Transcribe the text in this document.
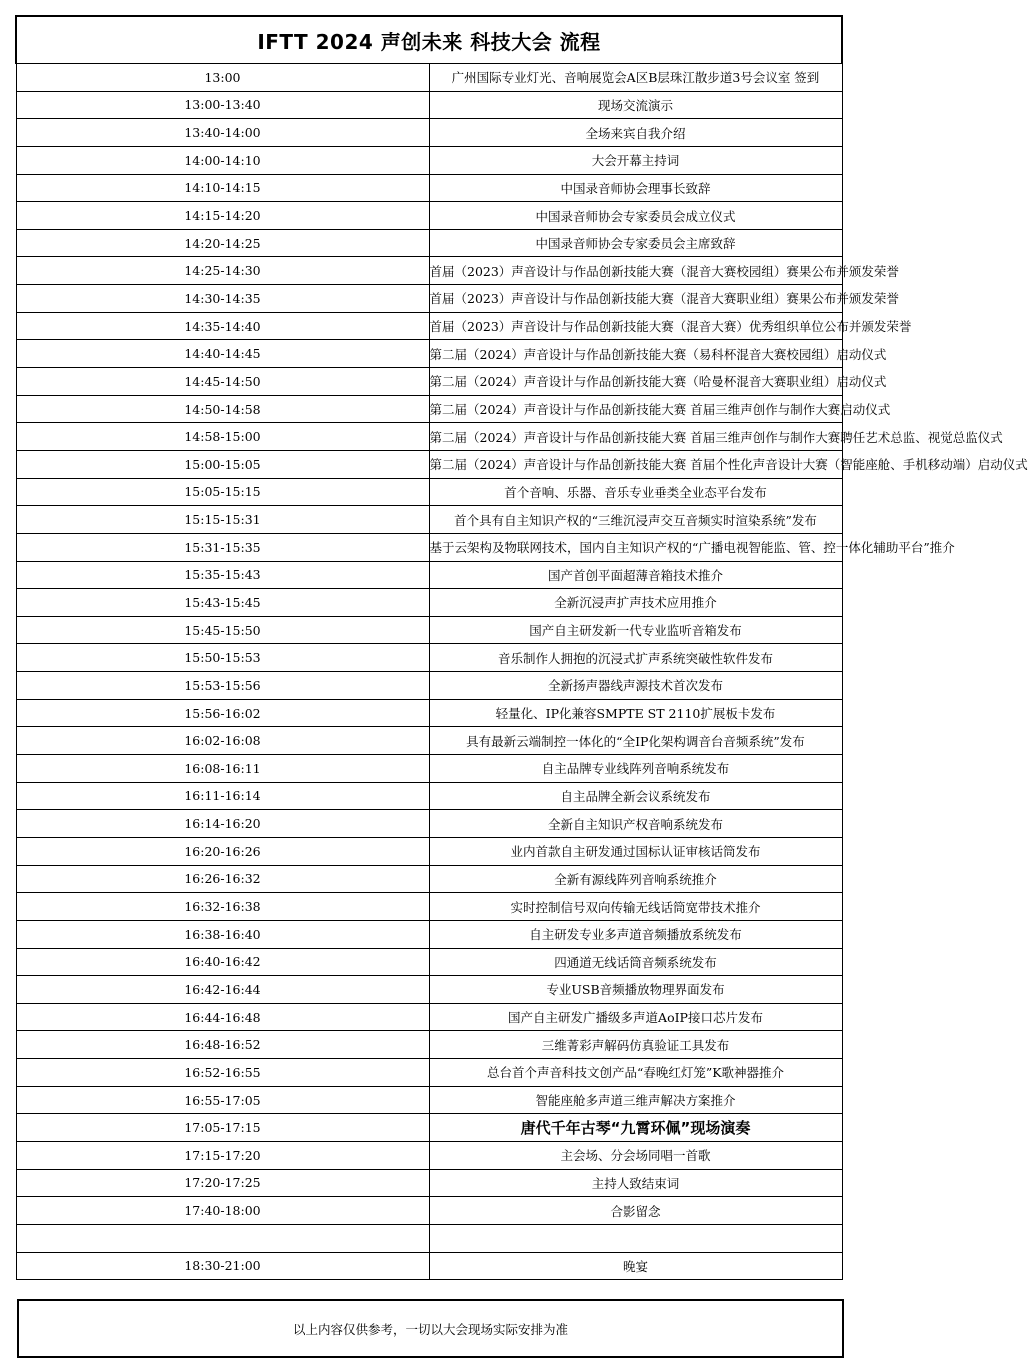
IFTT 2024 声创未来 科技大会 流程	
13:00	广州国际专业灯光、音响展览会A区B层珠江散步道3号会议室 签到
13:00-13:40	现场交流演示
13:40-14:00	全场来宾自我介绍
14:00-14:10	大会开幕主持词
14:10-14:15	中国录音师协会理事长致辞
14:15-14:20	中国录音师协会专家委员会成立仪式
14:20-14:25	中国录音师协会专家委员会主席致辞
14:25-14:30	首届（2023）声音设计与作品创新技能大赛（混音大赛校园组）赛果公布并颁发荣誉
14:30-14:35	首届（2023）声音设计与作品创新技能大赛（混音大赛职业组）赛果公布并颁发荣誉
14:35-14:40	首届（2023）声音设计与作品创新技能大赛（混音大赛）优秀组织单位公布并颁发荣誉
14:40-14:45	第二届（2024）声音设计与作品创新技能大赛（易科杯混音大赛校园组）启动仪式
14:45-14:50	第二届（2024）声音设计与作品创新技能大赛（哈曼杯混音大赛职业组）启动仪式
14:50-14:58	第二届（2024）声音设计与作品创新技能大赛 首届三维声创作与制作大赛启动仪式
14:58-15:00	第二届（2024）声音设计与作品创新技能大赛 首届三维声创作与制作大赛聘任艺术总监、视觉总监仪式
15:00-15:05	第二届（2024）声音设计与作品创新技能大赛 首届个性化声音设计大赛（智能座舱、手机移动端）启动仪式
15:05-15:15	首个音响、乐器、音乐专业垂类全业态平台发布
15:15-15:31	首个具有自主知识产权的“三维沉浸声交互音频实时渲染系统”发布
15:31-15:35	基于云架构及物联网技术，国内自主知识产权的“广播电视智能监、管、控一体化辅助平台”推介
15:35-15:43	国产首创平面超薄音箱技术推介
15:43-15:45	全新沉浸声扩声技术应用推介
15:45-15:50	国产自主研发新一代专业监听音箱发布
15:50-15:53	音乐制作人拥抱的沉浸式扩声系统突破性软件发布
15:53-15:56	全新扬声器线声源技术首次发布
15:56-16:02	轻量化、IP化兼容SMPTE ST 2110扩展板卡发布
16:02-16:08	具有最新云端制控一体化的“全IP化架构调音台音频系统”发布
16:08-16:11	自主品牌专业线阵列音响系统发布
16:11-16:14	自主品牌全新会议系统发布
16:14-16:20	全新自主知识产权音响系统发布
16:20-16:26	业内首款自主研发通过国标认证审核话筒发布
16:26-16:32	全新有源线阵列音响系统推介
16:32-16:38	实时控制信号双向传输无线话筒宽带技术推介
16:38-16:40	自主研发专业多声道音频播放系统发布
16:40-16:42	四通道无线话筒音频系统发布
16:42-16:44	专业USB音频播放物理界面发布
16:44-16:48	国产自主研发广播级多声道AoIP接口芯片发布
16:48-16:52	三维菁彩声解码仿真验证工具发布
16:52-16:55	总台首个声音科技文创产品“春晚红灯笼”K歌神器推介
16:55-17:05	智能座舱多声道三维声解决方案推介
17:05-17:15	唐代千年古琴“九霄环佩”现场演奏
17:15-17:20	主会场、分会场同唱一首歌
17:20-17:25	主持人致结束词
17:40-18:00	合影留念

18:30-21:00	晚宴
以上内容仅供参考，一切以大会现场实际安排为准
